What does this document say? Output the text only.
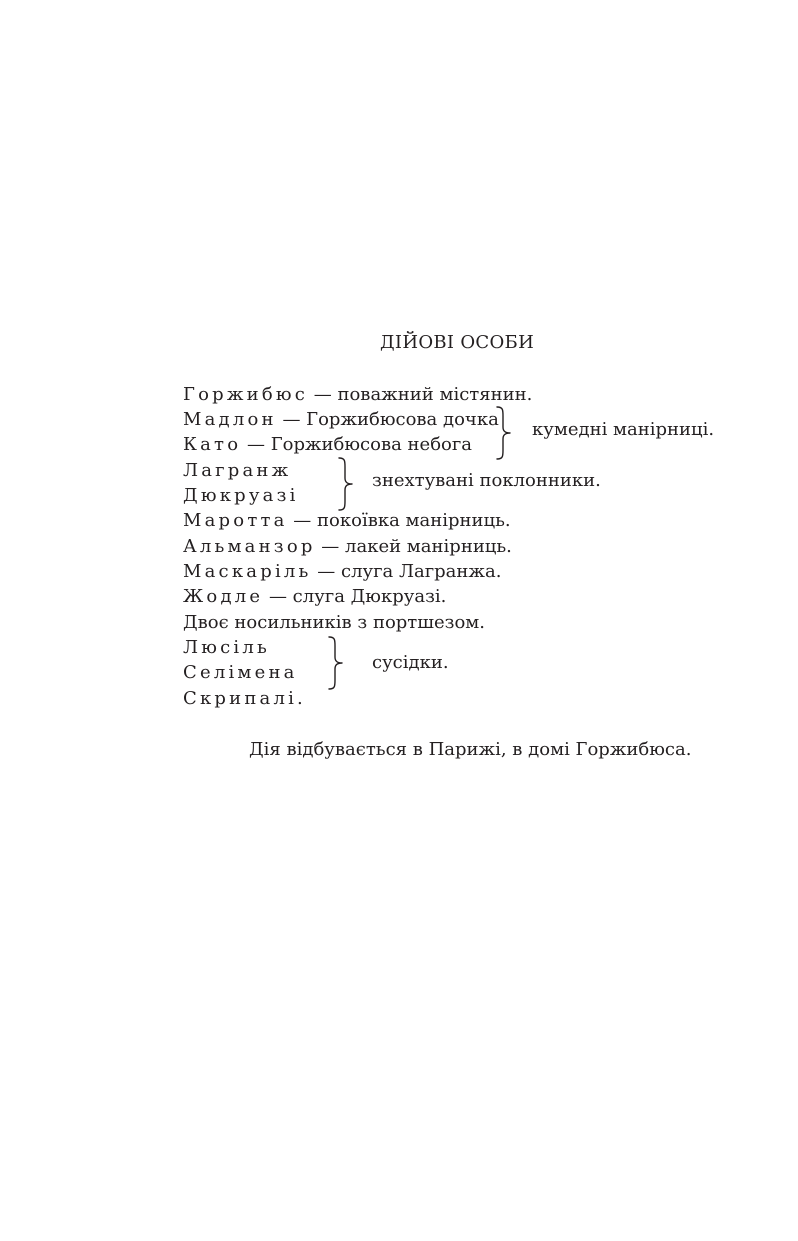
ДІЙОВІ ОСОБИ
Горжибюс — поважний містянин.
Мадлон — Горжибюсова дочка
Като — Горжибюсова небога
Лагранж
Дюкруазі
Маротта — покоївка манірниць.
Альманзор — лакей манірниць.
Маскаріль — слуга Лагранжа.
Жодле — слуга Дюкруазі.
Двоє носильників з портшезом.
Люсіль
Селімена
Скрипалі.
кумедні манірниці.
знехтувані поклонники.
сусідки.
Дія відбувається в Парижі, в домі Горжибюса.
